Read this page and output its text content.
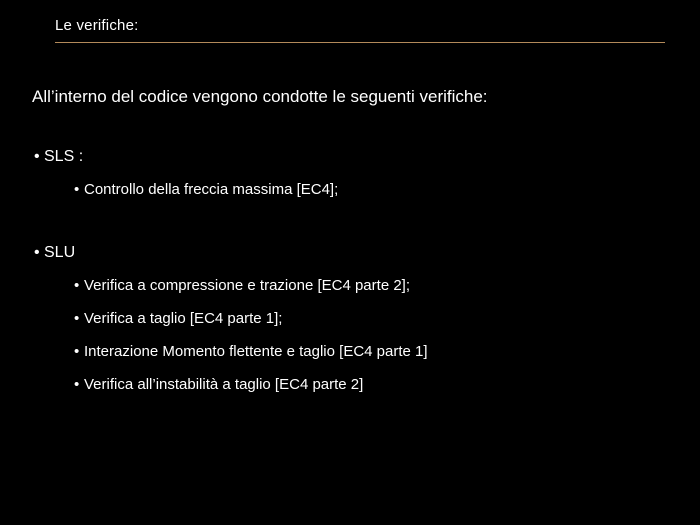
Le verifiche:
All’interno del codice vengono condotte le seguenti verifiche:
• SLS :
• Controllo della freccia massima [EC4];
• SLU
• Verifica a compressione e trazione [EC4 parte 2];
• Verifica a taglio [EC4 parte 1];
• Interazione Momento flettente e taglio [EC4 parte 1]
• Verifica all’instabilità a taglio [EC4 parte 2]
